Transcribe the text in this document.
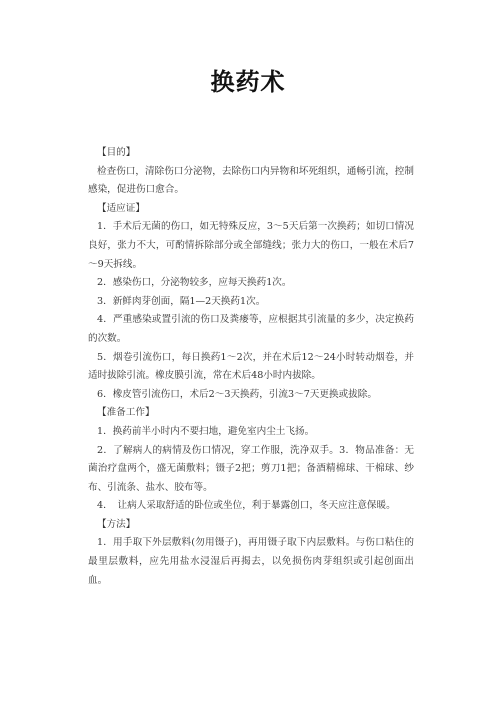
换药术

【目的】

检查伤口，清除伤口分泌物，去除伤口内异物和坏死组织，通畅引流，控制感染，促进伤口愈合。

【适应证】

1．手术后无菌的伤口，如无特殊反应，3～5天后第一次换药；如切口情况良好，张力不大，可酌情拆除部分或全部缝线；张力大的伤口，一般在术后7～9天拆线。

2．感染伤口，分泌物较多，应每天换药1次。

3．新鲜肉芽创面，隔1—2天换药1次。

4．严重感染或置引流的伤口及粪瘘等，应根据其引流量的多少，决定换药的次数。

5．烟卷引流伤口，每日换药1～2次，并在术后12～24小时转动烟卷，并适时拔除引流。橡皮膜引流，常在术后48小时内拔除。

6．橡皮管引流伤口，术后2～3天换药，引流3～7天更换或拔除。

【准备工作】

1．换药前半小时内不要扫地，避免室内尘土飞扬。

2．了解病人的病情及伤口情况，穿工作服，洗净双手。3．物品准备：无菌治疗盘两个，盛无菌敷料；镊子2把；剪刀1把；备酒精棉球、干棉球、纱布、引流条、盐水、胶布等。

4．　让病人采取舒适的卧位或坐位，利于暴露创口，冬天应注意保暖。

【方法】

1．用手取下外层敷料(勿用镊子)，再用镊子取下内层敷料。与伤口粘住的最里层敷料，应先用盐水浸湿后再揭去，以免损伤肉芽组织或引起创面出血。
